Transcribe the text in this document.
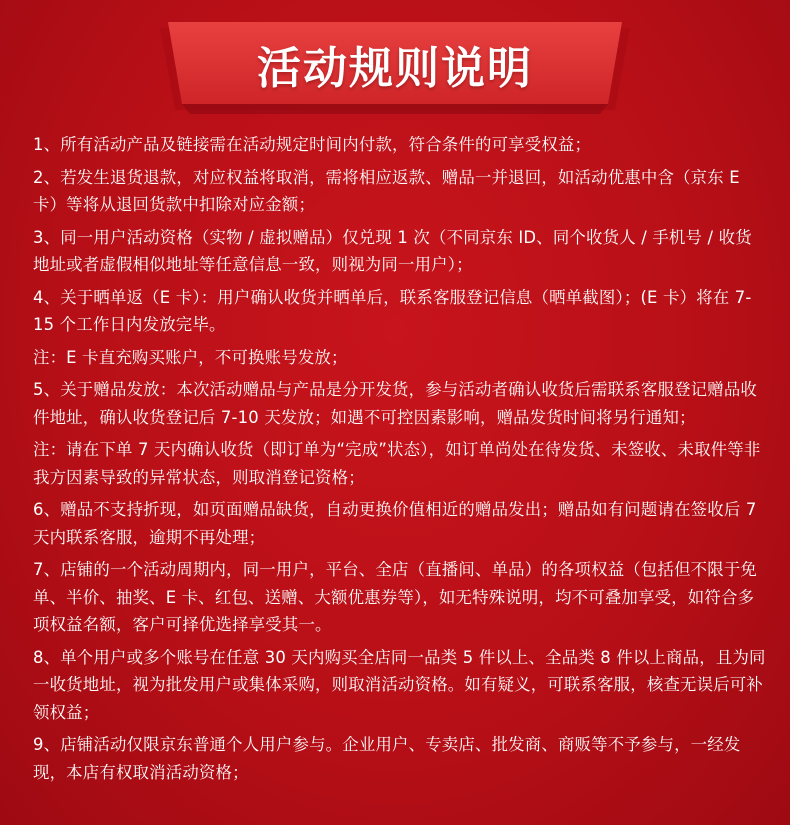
活动规则说明

1、所有活动产品及链接需在活动规定时间内付款，符合条件的可享受权益；

2、若发生退货退款，对应权益将取消，需将相应返款、赠品一并退回，如活动优惠中含（京东 E 卡）等将从退回货款中扣除对应金额；

3、同一用户活动资格（实物 / 虚拟赠品）仅兑现 1 次（不同京东 ID、同个收货人 / 手机号 / 收货地址或者虚假相似地址等任意信息一致，则视为同一用户）；

4、关于晒单返（E 卡）：用户确认收货并晒单后，联系客服登记信息（晒单截图）；(E 卡）将在 7-15 个工作日内发放完毕。

注：E 卡直充购买账户，不可换账号发放；

5、关于赠品发放：本次活动赠品与产品是分开发货，参与活动者确认收货后需联系客服登记赠品收件地址，确认收货登记后 7-10 天发放；如遇不可控因素影响，赠品发货时间将另行通知；

注：请在下单 7 天内确认收货（即订单为“完成”状态），如订单尚处在待发货、未签收、未取件等非我方因素导致的异常状态，则取消登记资格；

6、赠品不支持折现，如页面赠品缺货，自动更换价值相近的赠品发出；赠品如有问题请在签收后 7 天内联系客服，逾期不再处理；

7、店铺的一个活动周期内，同一用户，平台、全店（直播间、单品）的各项权益（包括但不限于免单、半价、抽奖、E 卡、红包、送赠、大额优惠券等），如无特殊说明，均不可叠加享受，如符合多项权益名额，客户可择优选择享受其一。

8、单个用户或多个账号在任意 30 天内购买全店同一品类 5 件以上、全品类 8 件以上商品，且为同一收货地址，视为批发用户或集体采购，则取消活动资格。如有疑义，可联系客服，核查无误后可补领权益；

9、店铺活动仅限京东普通个人用户参与。企业用户、专卖店、批发商、商贩等不予参与，一经发现，本店有权取消活动资格；
